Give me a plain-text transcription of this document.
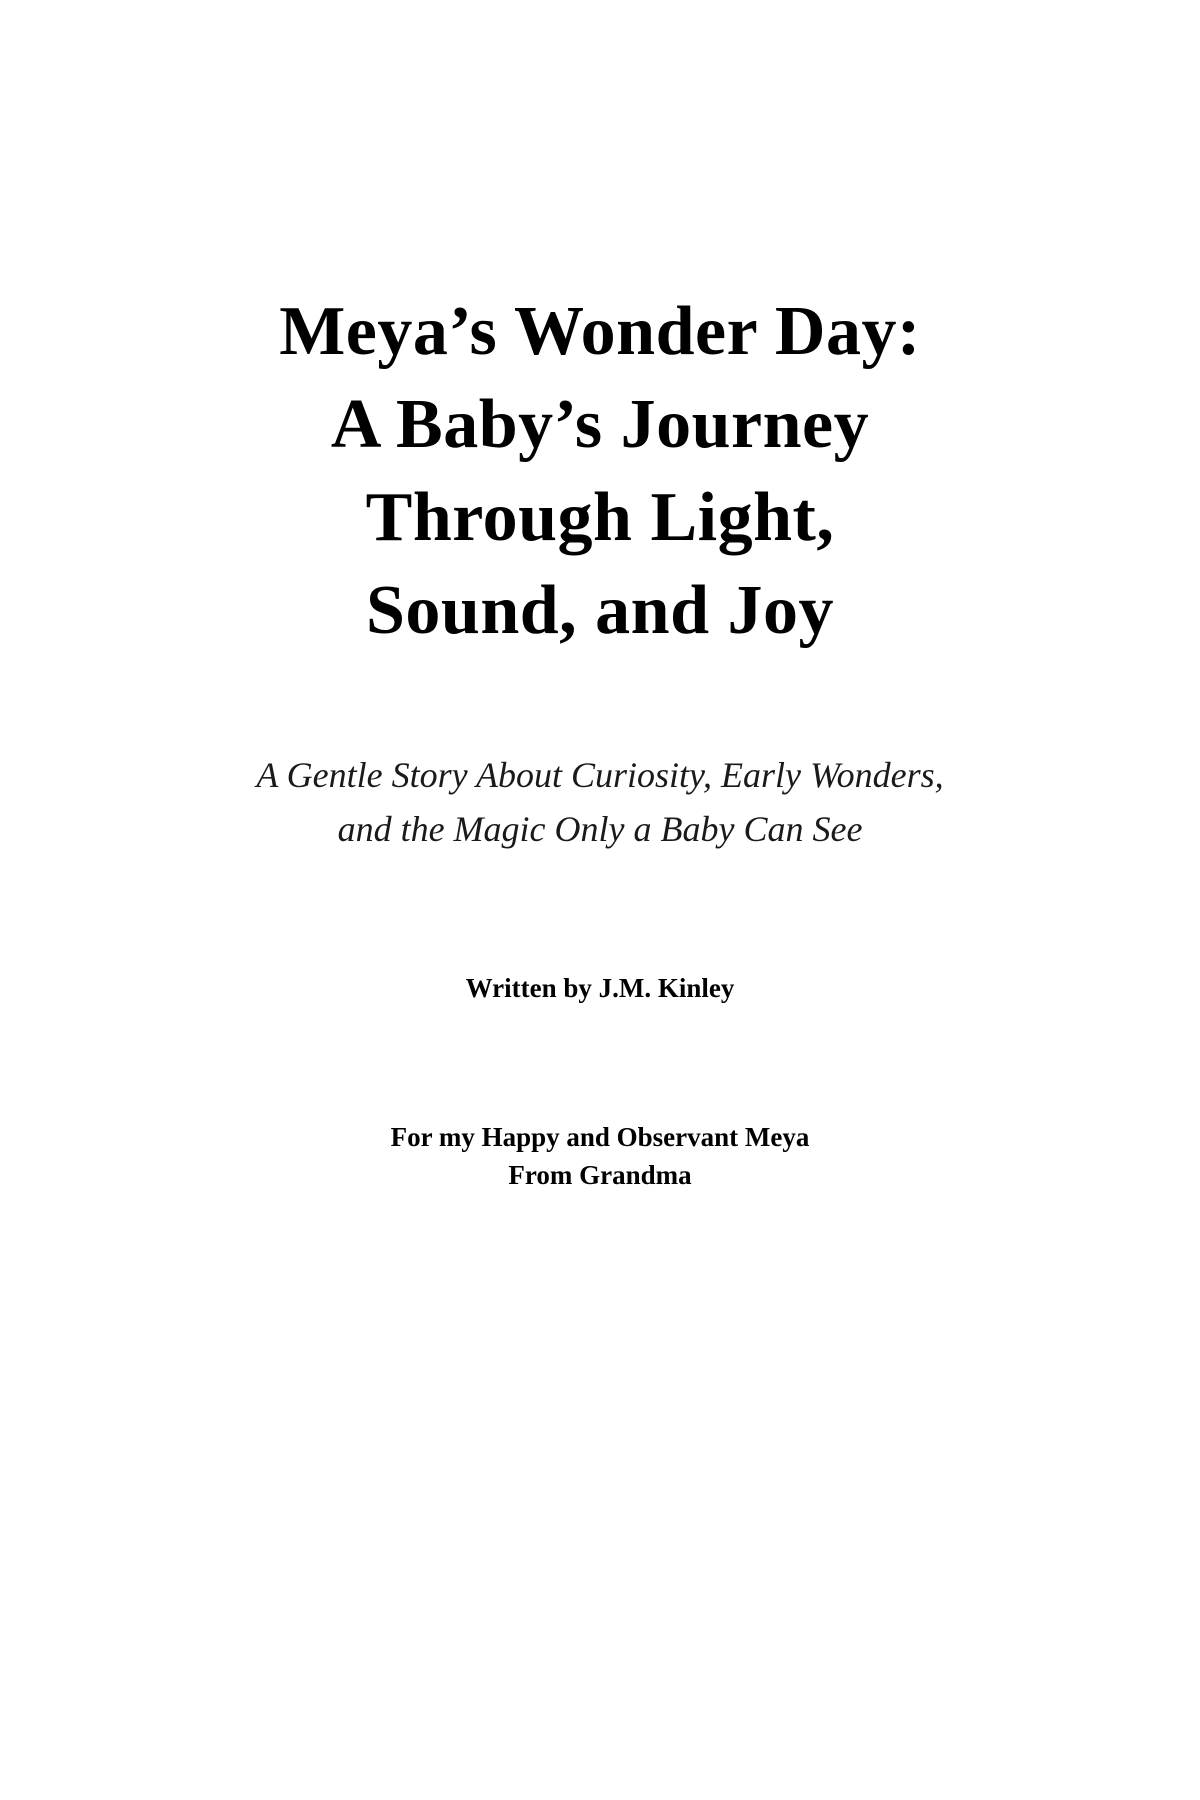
Meya’s Wonder Day:
A Baby’s Journey
Through Light,
Sound, and Joy
A Gentle Story About Curiosity, Early Wonders,
and the Magic Only a Baby Can See
Written by J.M. Kinley
For my Happy and Observant Meya
From Grandma
